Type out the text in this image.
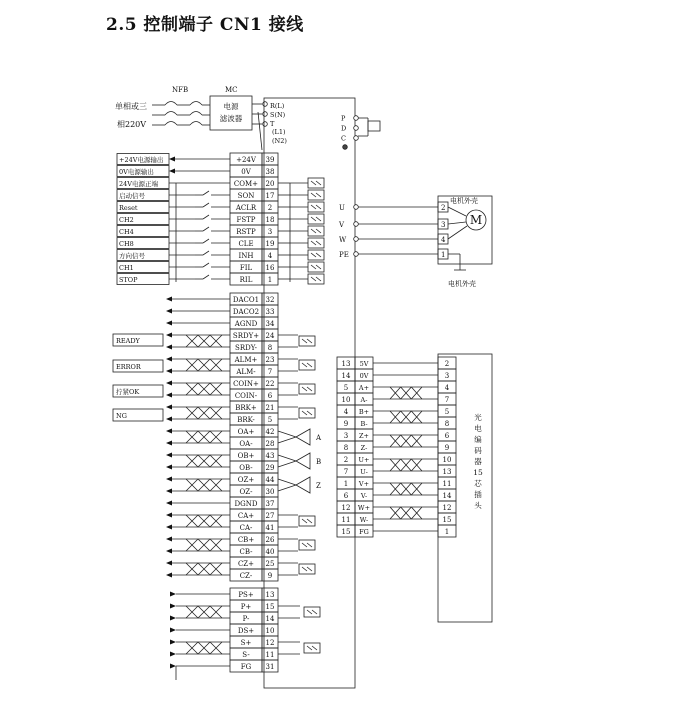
2.5 控制端子 CN1 接线
单相或三
相220V
NFB	MC
电源
滤波器
R(L)
S(N)
T
(L1)
(N2)
P
D
C
电机外壳
U	2
V	3
W	4
PE	1
M
电机外壳
+24V电源输出	+24V 39
0V电源输出	0V 38
24V电源正端	COM+ 20
启动信号	SON 17
Reset	ACLR 2
CH2	FSTP 18
CH4	RSTP 3
CH8	CLE 19
方向信号	INH 4
CH1	FIL 16
STOP	RIL 1
DACO1 32
DACO2 33
AGND 34
SRDY+ 24
SRDY- 8
ALM+ 23
ALM- 7
COIN+ 22
COIN- 6
BRK+ 21
BRK- 5
OA+ 42
OA- 28
OB+ 43
OB- 29
OZ+ 44
OZ- 30
DGND 37
CA+ 27
CA- 41
CB+ 26
CB- 40
CZ+ 25
CZ- 9
READY
ERROR
拧紧OK
NG
A
B
Z
PS+ 13
P+ 15
P- 14
DS+ 10
S+ 12
S- 11
FG 31
13 5V	2
14 0V	3
5 A+	4
10 A-	7
4 B+	5
9 B-	8
3 Z+	6
8 Z-	9
2 U+	10
7 U-	13
1 V+	11
6 V-	14
12 W+	12
11 W-	15
15 FG	1
光
电
编
码
器
15
芯
插
头
